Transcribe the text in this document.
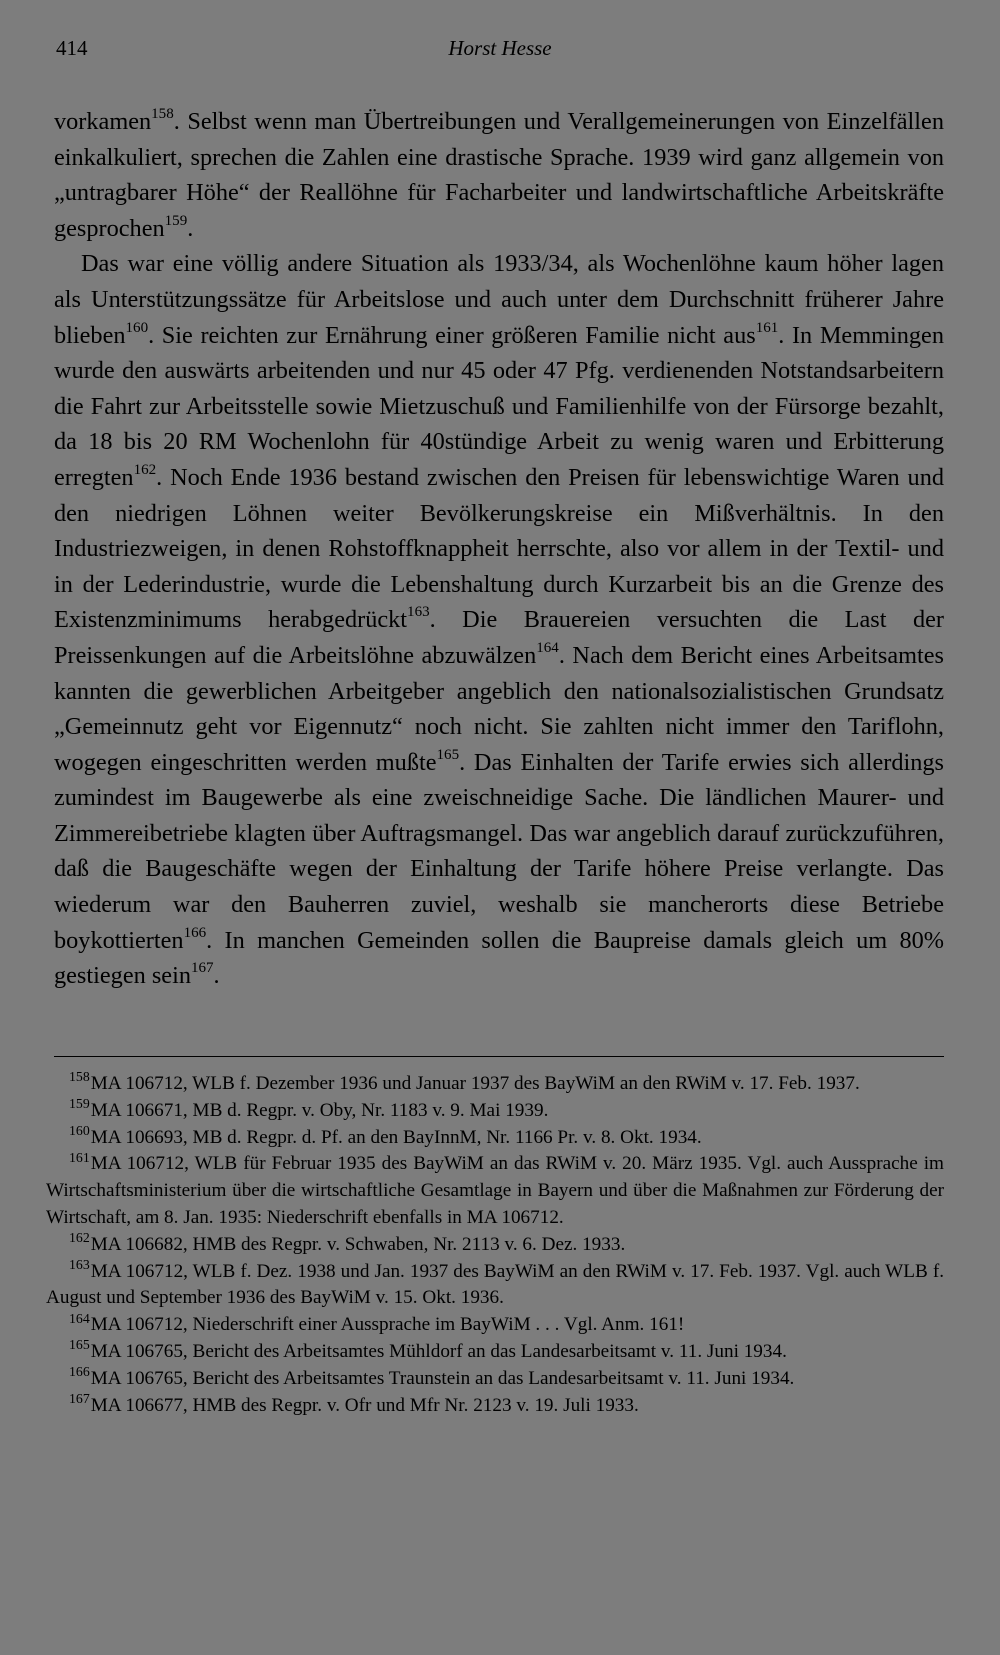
414	Horst Hesse

vorkamen$^{158}$. Selbst wenn man Übertreibungen und Verallgemeinerungen von Einzelfällen einkalkuliert, sprechen die Zahlen eine drastische Sprache. 1939 wird ganz allgemein von „untragbarer Höhe“ der Reallöhne für Facharbeiter und landwirtschaftliche Arbeitskräfte gesprochen$^{159}$.

Das war eine völlig andere Situation als 1933/34, als Wochenlöhne kaum höher lagen als Unterstützungssätze für Arbeitslose und auch unter dem Durchschnitt früherer Jahre blieben$^{160}$. Sie reichten zur Ernährung einer größeren Familie nicht aus$^{161}$. In Memmingen wurde den auswärts arbeitenden und nur 45 oder 47 Pfg. verdienenden Notstandsarbeitern die Fahrt zur Arbeitsstelle sowie Mietzuschuß und Familienhilfe von der Fürsorge bezahlt, da 18 bis 20 RM Wochenlohn für 40stündige Arbeit zu wenig waren und Erbitterung erregten$^{162}$. Noch Ende 1936 bestand zwischen den Preisen für lebenswichtige Waren und den niedrigen Löhnen weiter Bevölkerungskreise ein Mißverhältnis. In den Industriezweigen, in denen Rohstoffknappheit herrschte, also vor allem in der Textil- und in der Lederindustrie, wurde die Lebenshaltung durch Kurzarbeit bis an die Grenze des Existenzminimums herabgedrückt$^{163}$. Die Brauereien versuchten die Last der Preissenkungen auf die Arbeitslöhne abzuwälzen$^{164}$. Nach dem Bericht eines Arbeitsamtes kannten die gewerblichen Arbeitgeber angeblich den nationalsozialistischen Grundsatz „Gemeinnutz geht vor Eigennutz“ noch nicht. Sie zahlten nicht immer den Tariflohn, wogegen eingeschritten werden mußte$^{165}$. Das Einhalten der Tarife erwies sich allerdings zumindest im Baugewerbe als eine zweischneidige Sache. Die ländlichen Maurer- und Zimmereibetriebe klagten über Auftragsmangel. Das war angeblich darauf zurückzuführen, daß die Baugeschäfte wegen der Einhaltung der Tarife höhere Preise verlangte. Das wiederum war den Bauherren zuviel, weshalb sie mancherorts diese Betriebe boykottierten$^{166}$. In manchen Gemeinden sollen die Baupreise damals gleich um 80% gestiegen sein$^{167}$.

$^{158}$MA 106712, WLB f. Dezember 1936 und Januar 1937 des BayWiM an den RWiM v. 17. Feb. 1937.

$^{159}$MA 106671, MB d. Regpr. v. Oby, Nr. 1183 v. 9. Mai 1939.

$^{160}$MA 106693, MB d. Regpr. d. Pf. an den BayInnM, Nr. 1166 Pr. v. 8. Okt. 1934.

$^{161}$MA 106712, WLB für Februar 1935 des BayWiM an das RWiM v. 20. März 1935. Vgl. auch Aussprache im Wirtschaftsministerium über die wirtschaftliche Gesamtlage in Bayern und über die Maßnahmen zur Förderung der Wirtschaft, am 8. Jan. 1935: Niederschrift ebenfalls in MA 106712.

$^{162}$MA 106682, HMB des Regpr. v. Schwaben, Nr. 2113 v. 6. Dez. 1933.

$^{163}$MA 106712, WLB f. Dez. 1938 und Jan. 1937 des BayWiM an den RWiM v. 17. Feb. 1937. Vgl. auch WLB f. August und September 1936 des BayWiM v. 15. Okt. 1936.

$^{164}$MA 106712, Niederschrift einer Aussprache im BayWiM . . . Vgl. Anm. 161!

$^{165}$MA 106765, Bericht des Arbeitsamtes Mühldorf an das Landesarbeitsamt v. 11. Juni 1934.

$^{166}$MA 106765, Bericht des Arbeitsamtes Traunstein an das Landesarbeitsamt v. 11. Juni 1934.

$^{167}$MA 106677, HMB des Regpr. v. Ofr und Mfr Nr. 2123 v. 19. Juli 1933.
